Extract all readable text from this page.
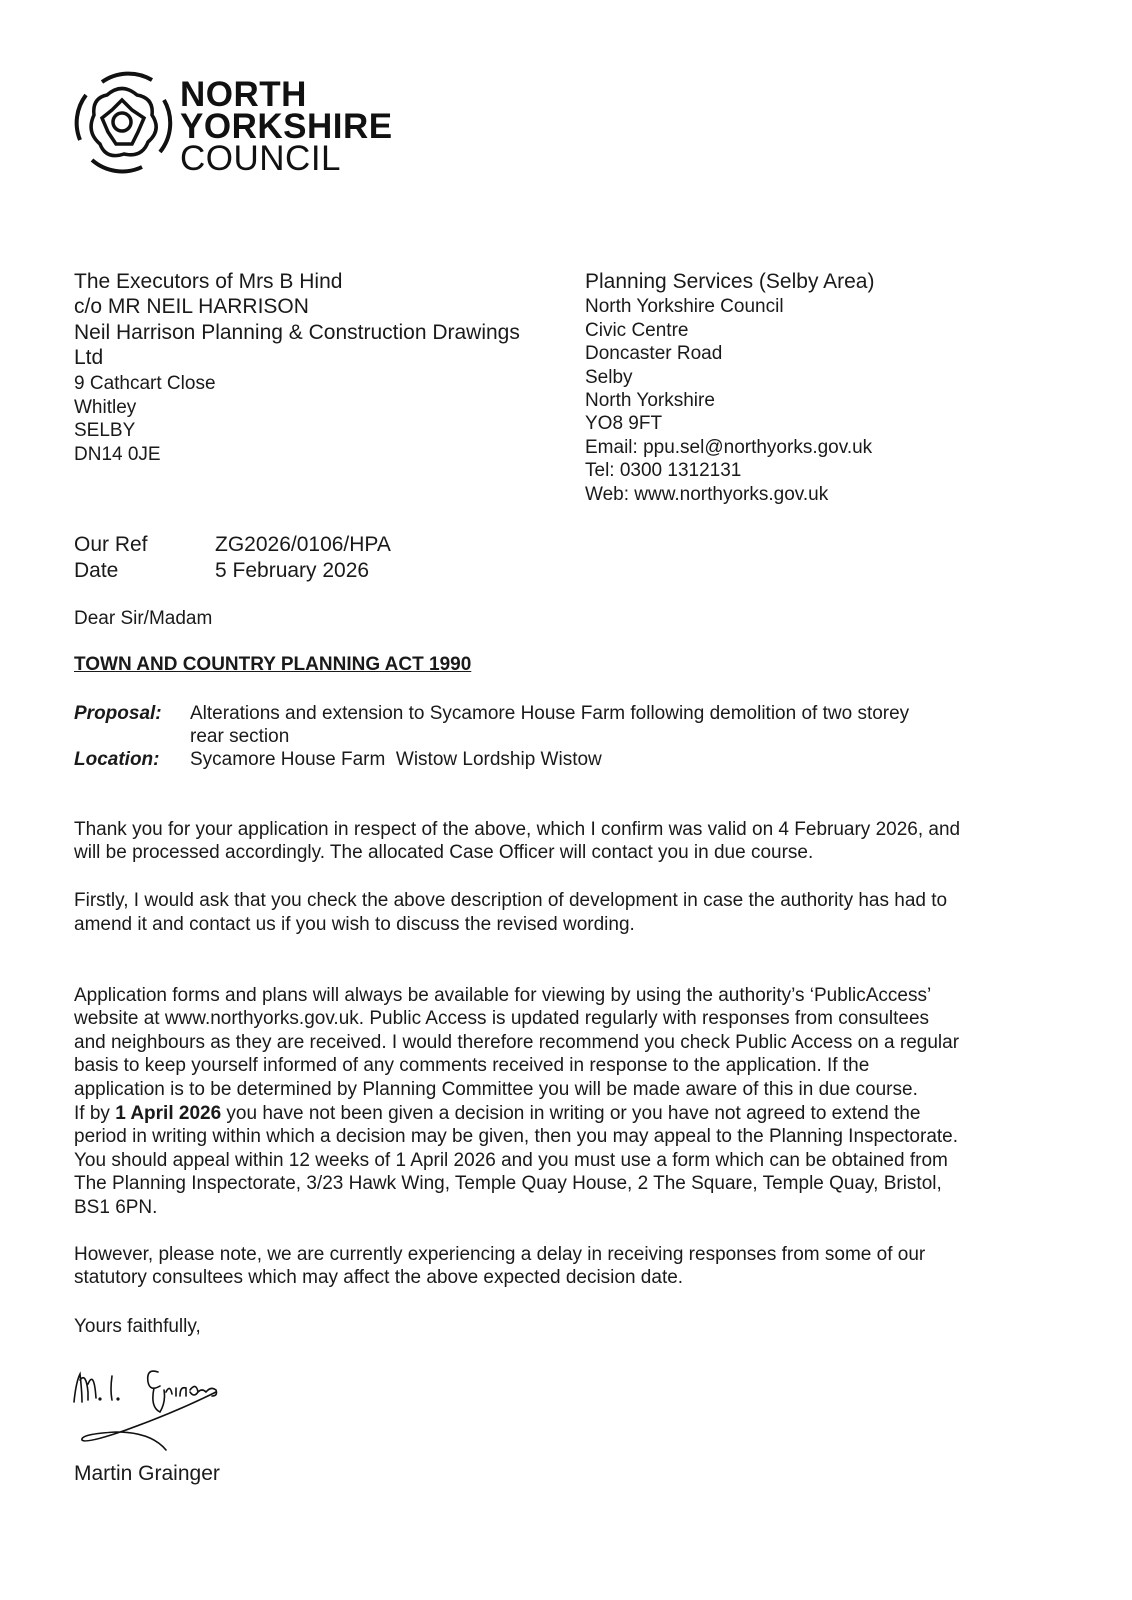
NORTH
YORKSHIRE
COUNCIL
The Executors of Mrs B Hind
c/o MR NEIL HARRISON
Neil Harrison Planning & Construction Drawings
Ltd
9 Cathcart Close
Whitley
SELBY
DN14 0JE
Planning Services (Selby Area)
North Yorkshire Council
Civic Centre
Doncaster Road
Selby
North Yorkshire
YO8 9FT
Email: ppu.sel@northyorks.gov.uk
Tel: 0300 1312131
Web: www.northyorks.gov.uk
Our Ref	ZG2026/0106/HPA
Date	5 February 2026
Dear Sir/Madam
TOWN AND COUNTRY PLANNING ACT 1990
Proposal: Alterations and extension to Sycamore House Farm following demolition of two storey
rear section
Location: Sycamore House Farm  Wistow Lordship Wistow
Thank you for your application in respect of the above, which I confirm was valid on 4 February 2026, and
will be processed accordingly. The allocated Case Officer will contact you in due course.
Firstly, I would ask that you check the above description of development in case the authority has had to
amend it and contact us if you wish to discuss the revised wording.
Application forms and plans will always be available for viewing by using the authority’s ‘PublicAccess’
website at www.northyorks.gov.uk. Public Access is updated regularly with responses from consultees
and neighbours as they are received. I would therefore recommend you check Public Access on a regular
basis to keep yourself informed of any comments received in response to the application. If the
application is to be determined by Planning Committee you will be made aware of this in due course.
If by 1 April 2026 you have not been given a decision in writing or you have not agreed to extend the
period in writing within which a decision may be given, then you may appeal to the Planning Inspectorate.
You should appeal within 12 weeks of 1 April 2026 and you must use a form which can be obtained from
The Planning Inspectorate, 3/23 Hawk Wing, Temple Quay House, 2 The Square, Temple Quay, Bristol,
BS1 6PN.
However, please note, we are currently experiencing a delay in receiving responses from some of our
statutory consultees which may affect the above expected decision date.
Yours faithfully,
Martin Grainger
